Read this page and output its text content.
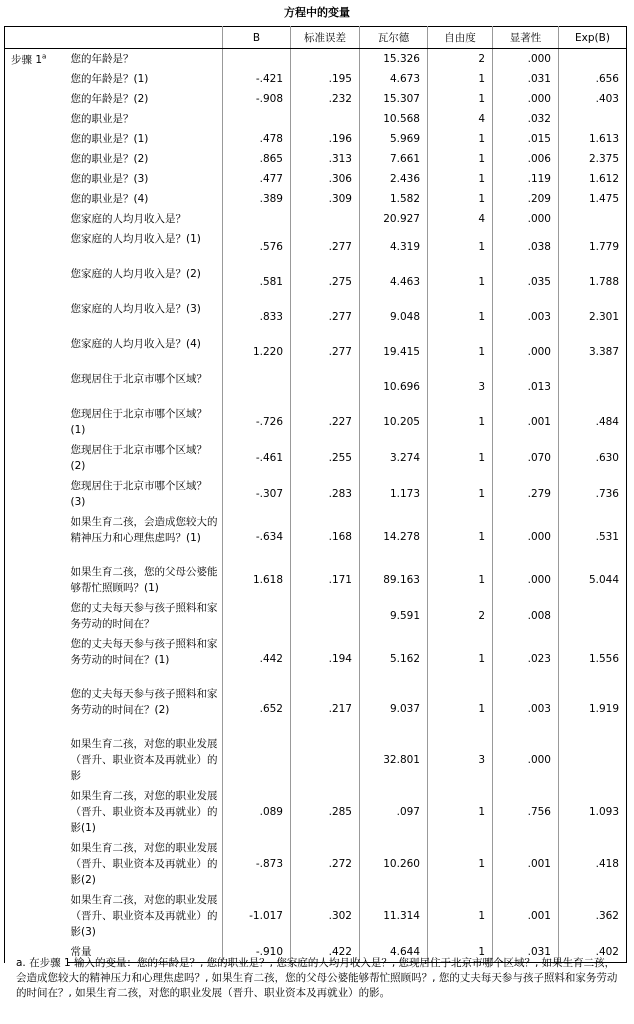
方程中的变量
		B	标准误差	瓦尔德	自由度	显著性	Exp(B)
步骤 1$^a$	您的年龄是？			15.326	2	.000	
	您的年龄是？(1)	-.421	.195	4.673	1	.031	.656
	您的年龄是？(2)	-.908	.232	15.307	1	.000	.403
	您的职业是？			10.568	4	.032	
	您的职业是？(1)	.478	.196	5.969	1	.015	1.613
	您的职业是？(2)	.865	.313	7.661	1	.006	2.375
	您的职业是？(3)	.477	.306	2.436	1	.119	1.612
	您的职业是？(4)	.389	.309	1.582	1	.209	1.475
	您家庭的人均月收入是？			20.927	4	.000	
	您家庭的人均月收入是？(1)	.576	.277	4.319	1	.038	1.779
	您家庭的人均月收入是？(2)	.581	.275	4.463	1	.035	1.788
	您家庭的人均月收入是？(3)	.833	.277	9.048	1	.003	2.301
	您家庭的人均月收入是？(4)	1.220	.277	19.415	1	.000	3.387
	您现居住于北京市哪个区域？			10.696	3	.013	
	您现居住于北京市哪个区域？(1)	-.726	.227	10.205	1	.001	.484
	您现居住于北京市哪个区域？(2)	-.461	.255	3.274	1	.070	.630
	您现居住于北京市哪个区域？(3)	-.307	.283	1.173	1	.279	.736
	如果生育二孩，会造成您较大的精神压力和心理焦虑吗？(1)	-.634	.168	14.278	1	.000	.531
	如果生育二孩，您的父母公婆能够帮忙照顾吗？(1)	1.618	.171	89.163	1	.000	5.044
	您的丈夫每天参与孩子照料和家务劳动的时间在？			9.591	2	.008	
	您的丈夫每天参与孩子照料和家务劳动的时间在？(1)	.442	.194	5.162	1	.023	1.556
	您的丈夫每天参与孩子照料和家务劳动的时间在？(2)	.652	.217	9.037	1	.003	1.919
	如果生育二孩，对您的职业发展（晋升、职业资本及再就业）的影			32.801	3	.000	
	如果生育二孩，对您的职业发展（晋升、职业资本及再就业）的影(1)	.089	.285	.097	1	.756	1.093
	如果生育二孩，对您的职业发展（晋升、职业资本及再就业）的影(2)	-.873	.272	10.260	1	.001	.418
	如果生育二孩，对您的职业发展（晋升、职业资本及再就业）的影(3)	-1.017	.302	11.314	1	.001	.362
	常量	-.910	.422	4.644	1	.031	.402
a. 在步骤 1 输入的变量：您的年龄是？, 您的职业是？, 您家庭的人均月收入是？, 您现居住于北京市哪个区域？, 如果生育二孩，会造成您较大的精神压力和心理焦虑吗？, 如果生育二孩，您的父母公婆能够帮忙照顾吗？, 您的丈夫每天参与孩子照料和家务劳动的时间在？, 如果生育二孩，对您的职业发展（晋升、职业资本及再就业）的影。
